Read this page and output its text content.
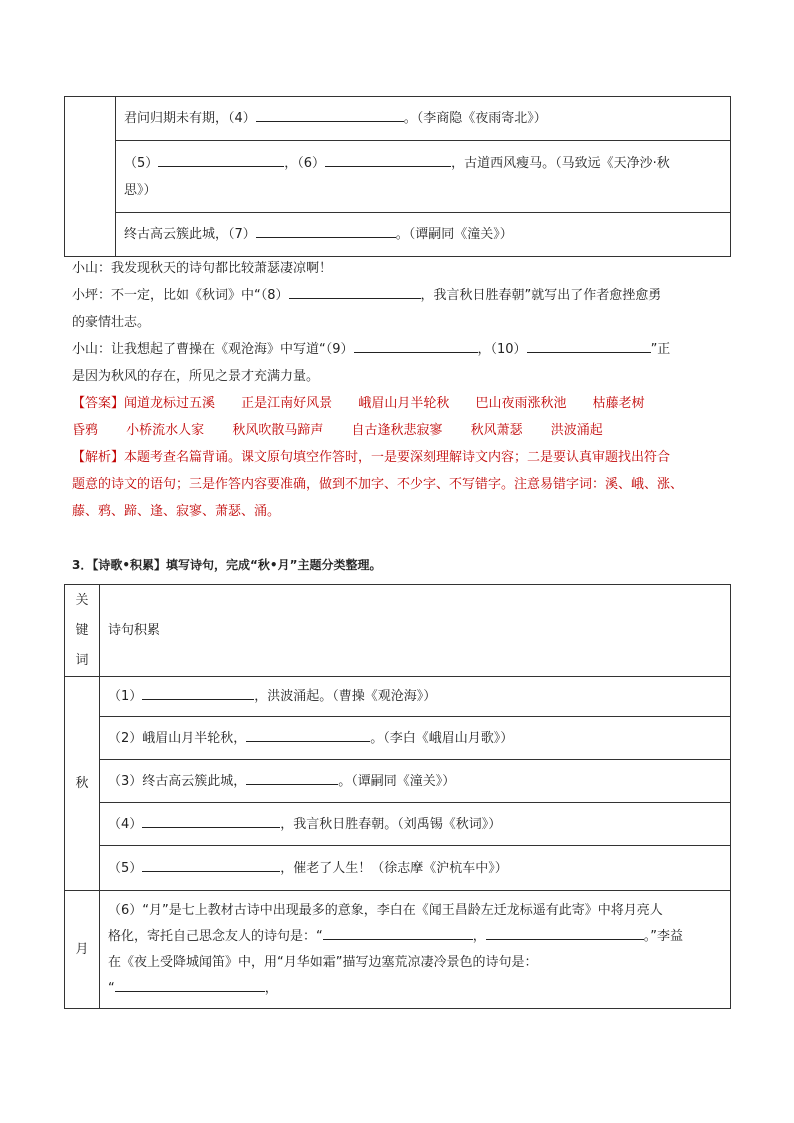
	君问归期未有期，（4）	。（李商隐《夜雨寄北》）

（5）	，（6）	，古道西风瘦马。（马致远《天净沙·秋
思》）

终古高云簇此城，（7）	。（谭嗣同《潼关》）
小山：我发现秋天的诗句都比较萧瑟凄凉啊！
小坪：不一定，比如《秋词》中“（8）	，我言秋日胜春朝”就写出了作者愈挫愈勇
的豪情壮志。
小山：让我想起了曹操在《观沧海》中写道“（9）	，（10）	”正
是因为秋风的存在，所见之景才充满力量。
【答案】闻道龙标过五溪 正是江南好风景 峨眉山月半轮秋 巴山夜雨涨秋池 枯藤老树
昏鸦 小桥流水人家 秋风吹散马蹄声 自古逢秋悲寂寥 秋风萧瑟 洪波涌起
【解析】本题考查名篇背诵。课文原句填空作答时，一是要深刻理解诗文内容；二是要认真审题找出符合
题意的诗文的语句；三是作答内容要准确，做到不加字、不少字、不写错字。注意易错字词：溪、峨、涨、
藤、鸦、蹄、逢、寂寥、萧瑟、涌。
3．【诗歌•积累】填写诗句，完成“秋•月”主题分类整理。
关
键
词	诗句积累
秋	（1） ，洪波涌起。（曹操《观沧海》）
	（2）峨眉山月半轮秋， 。（李白《峨眉山月歌》）
	（3）终古高云簇此城， 。（谭嗣同《潼关》）
	（4） ，我言秋日胜春朝。（刘禹锡《秋词》）
	（5） ，催老了人生！（徐志摩《沪杭车中》）
月	（6）“月”是七上教材古诗中出现最多的意象，李白在《闻王昌龄左迁龙标遥有此寄》中将月亮人
格化，寄托自己思念友人的诗句是：“ ， 。”李益
在《夜上受降城闻笛》中，用“月华如霜”描写边塞荒凉凄冷景色的诗句是：
“ ，
